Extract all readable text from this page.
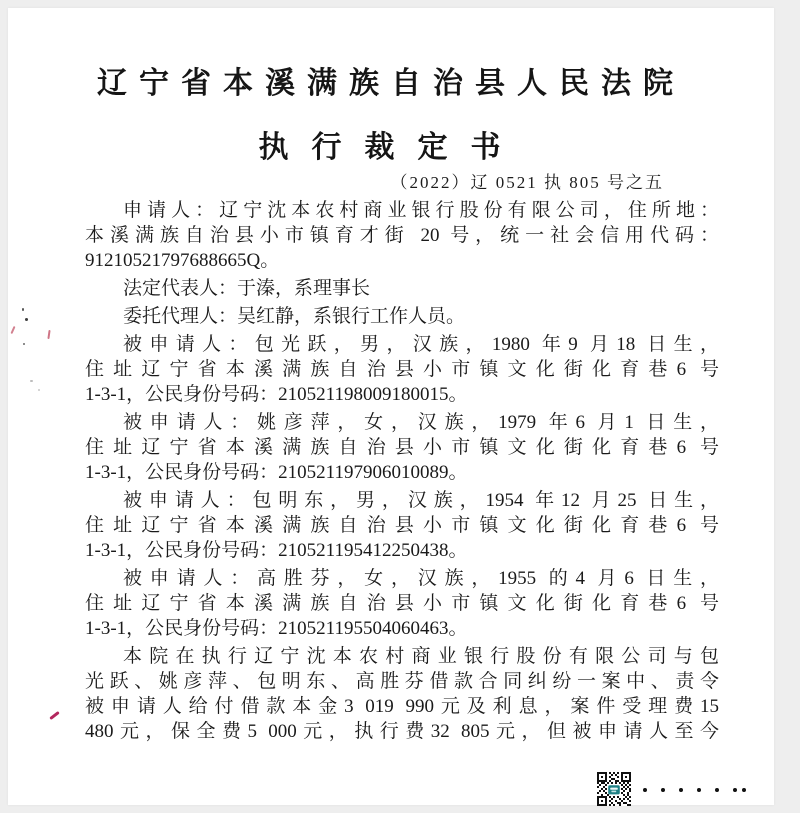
辽宁省本溪满族自治县人民法院
执行裁定书
（2022）辽 0521 执 805 号之五

申请人：辽宁沈本农村商业银行股份有限公司，住所地：
本溪满族自治县小市镇育才街 20 号，统一社会信用代码：
91210521797688665Q。

法定代表人：于溱，系理事长

委托代理人：吴红静，系银行工作人员。

被申请人：包光跃，男，汉族，1980 年9 月18 日生，
住址辽宁省本溪满族自治县小市镇文化街化育巷6 号
1-3-1，公民身份号码：210521198009180015。

被申请人：姚彦萍，女，汉族，1979 年6 月1 日生，
住址辽宁省本溪满族自治县小市镇文化街化育巷6 号
1-3-1，公民身份号码：210521197906010089。

被申请人：包明东，男，汉族，1954 年12 月25 日生，
住址辽宁省本溪满族自治县小市镇文化街化育巷6 号
1-3-1，公民身份号码：210521195412250438。

被申请人：高胜芬，女，汉族，1955 的4 月6 日生，
住址辽宁省本溪满族自治县小市镇文化街化育巷6 号
1-3-1，公民身份号码：210521195504060463。

本院在执行辽宁沈本农村商业银行股份有限公司与包
光跃、姚彦萍、包明东、高胜芬借款合同纠纷一案中、责令
被申请人给付借款本金3 019 990元及利息，案件受理费15
480元，保全费5 000元，执行费32 805元，但被申请人至今
